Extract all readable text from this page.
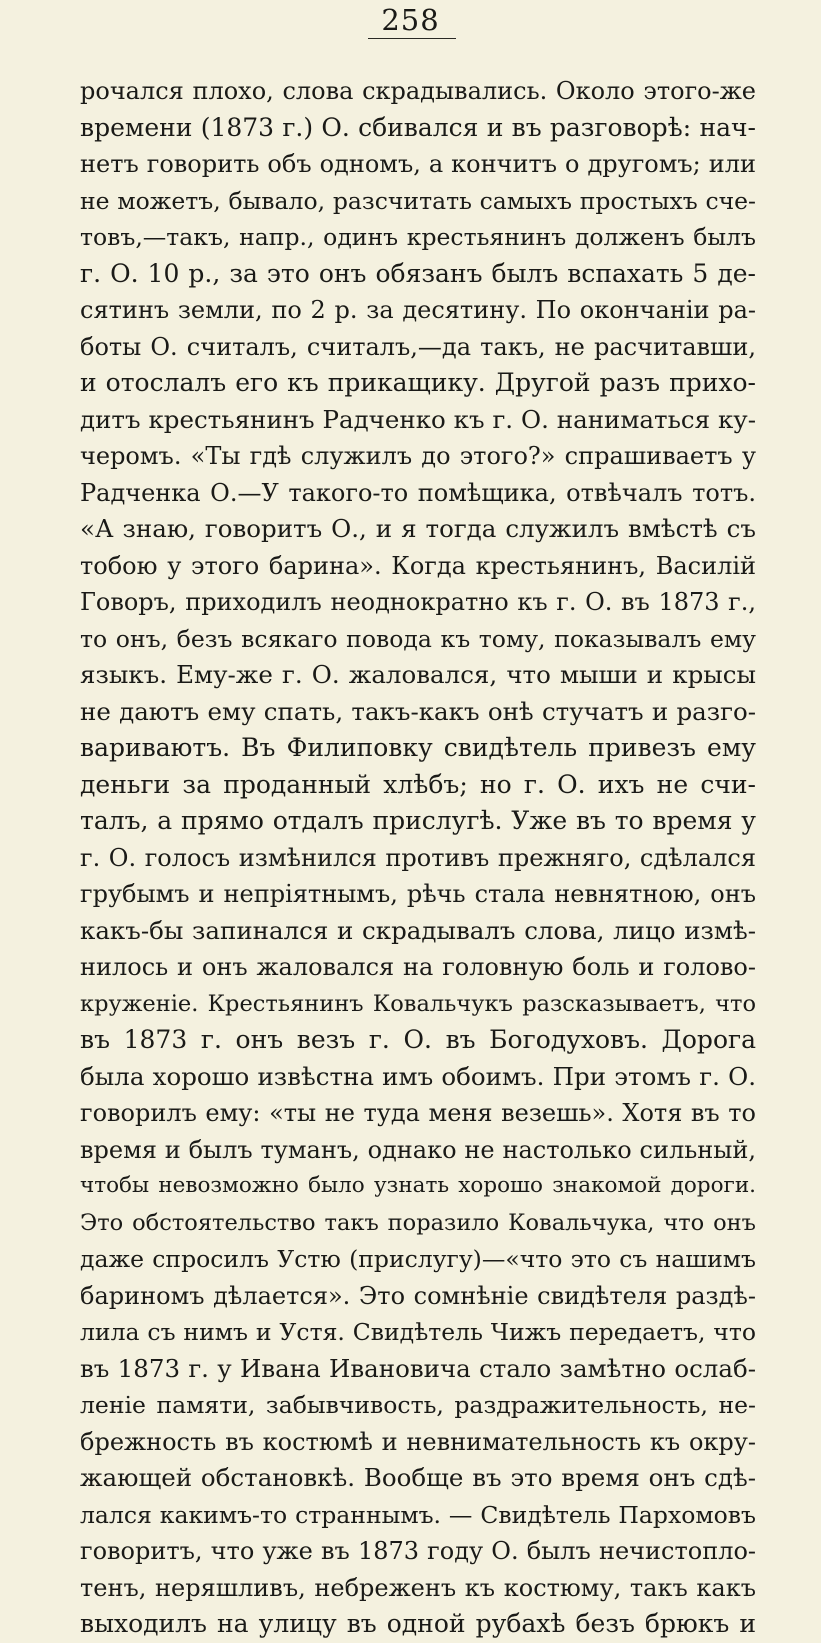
258
рочался плохо, слова скрадывались. Около этого-же
времени (1873 г.) О. сбивался и въ разговорѣ: нач-
нетъ говорить объ одномъ, а кончитъ о другомъ; или
не можетъ, бывало, разсчитать самыхъ простыхъ сче-
товъ,—такъ, напр., одинъ крестьянинъ долженъ былъ
г. О. 10 р., за это онъ обязанъ былъ вспахать 5 де-
сятинъ земли, по 2 р. за десятину. По окончанiи ра-
боты О. считалъ, считалъ,—да такъ, не расчитавши,
и отослалъ его къ прикащику. Другой разъ прихо-
дитъ крестьянинъ Радченко къ г. О. наниматься ку-
черомъ. «Ты гдѣ служилъ до этого?» спрашиваетъ у
Радченка О.—У такого-то помѣщика, отвѣчалъ тотъ.
«А знаю, говоритъ О., и я тогда служилъ вмѣстѣ съ
тобою у этого барина». Когда крестьянинъ, Василiй
Говоръ, приходилъ неоднократно къ г. О. въ 1873 г.,
то онъ, безъ всякаго повода къ тому, показывалъ ему
языкъ. Ему-же г. О. жаловался, что мыши и крысы
не даютъ ему спать, такъ-какъ онѣ стучатъ и разго-
вариваютъ. Въ Филиповку свидѣтель привезъ ему
деньги за проданный хлѣбъ; но г. О. ихъ не счи-
талъ, а прямо отдалъ прислугѣ. Уже въ то время у
г. О. голосъ измѣнился противъ прежняго, сдѣлался
грубымъ и непрiятнымъ, рѣчь стала невнятною, онъ
какъ-бы запинался и скрадывалъ слова, лицо измѣ-
нилось и онъ жаловался на головную боль и голово-
круженiе. Крестьянинъ Ковальчукъ разсказываетъ, что
въ 1873 г. онъ везъ г. О. въ Богодуховъ. Дорога
была хорошо извѣстна имъ обоимъ. При этомъ г. О.
говорилъ ему: «ты не туда меня везешь». Хотя въ то
время и былъ туманъ, однако не настолько сильный,
чтобы невозможно было узнать хорошо знакомой дороги.
Это обстоятельство такъ поразило Ковальчука, что онъ
даже спросилъ Устю (прислугу)—«что это съ нашимъ
бариномъ дѣлается». Это сомнѣнiе свидѣтеля раздѣ-
лила съ нимъ и Устя. Свидѣтель Чижъ передаетъ, что
въ 1873 г. у Ивана Ивановича стало замѣтно ослаб-
ленiе памяти, забывчивость, раздражительность, не-
брежность въ костюмѣ и невнимательность къ окру-
жающей обстановкѣ. Вообще въ это время онъ сдѣ-
лался какимъ-то страннымъ. — Свидѣтель Пархомовъ
говоритъ, что уже въ 1873 году О. былъ нечистопло-
тенъ, неряшливъ, небреженъ къ костюму, такъ какъ
выходилъ на улицу въ одной рубахѣ безъ брюкъ и
